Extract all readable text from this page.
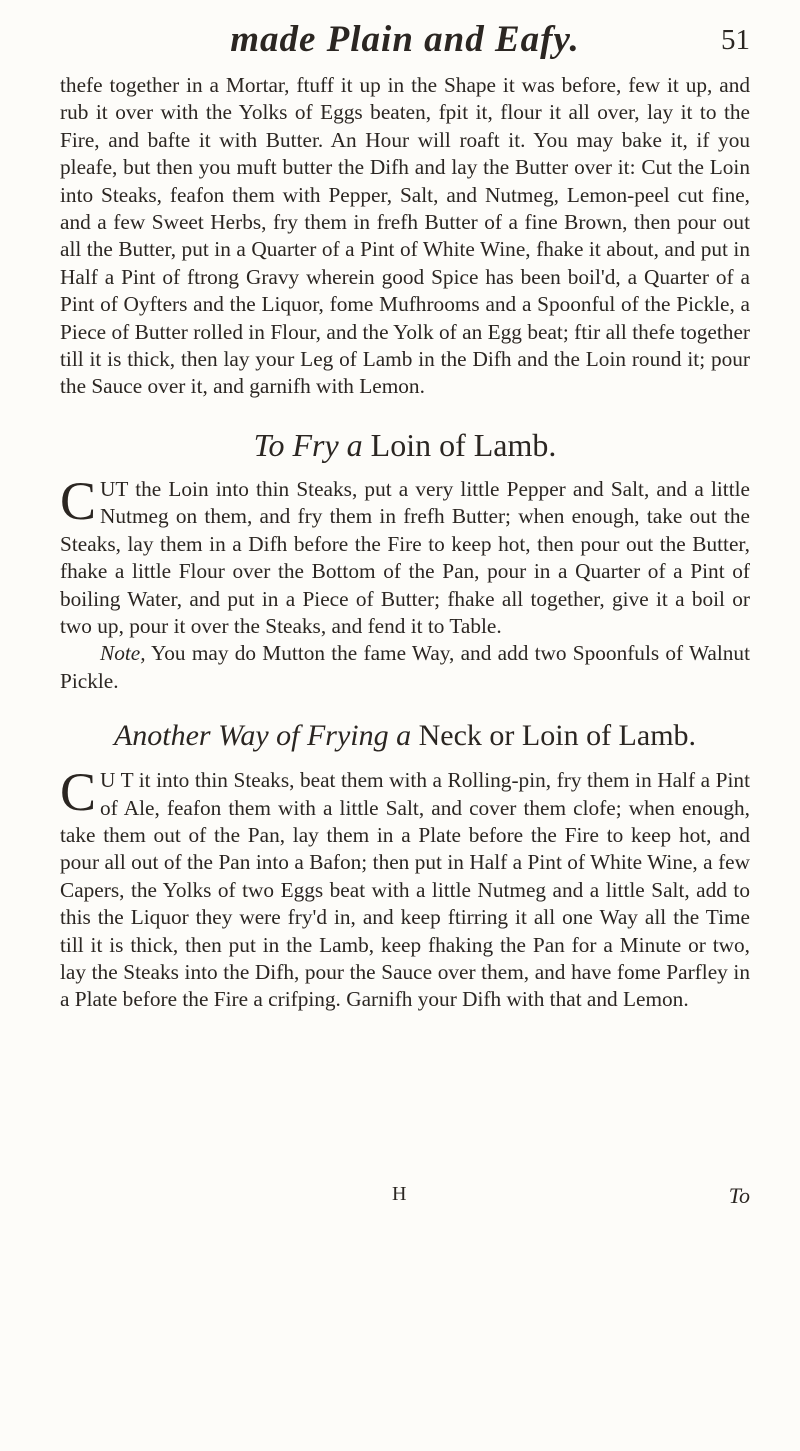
made Plain and Eafy.	51

thefe together in a Mortar, ftuff it up in the Shape it was before, few it up, and rub it over with the Yolks of Eggs beaten, fpit it, flour it all over, lay it to the Fire, and bafte it with Butter. An Hour will roaft it. You may bake it, if you pleafe, but then you muft butter the Difh and lay the Butter over it: Cut the Loin into Steaks, feafon them with Pepper, Salt, and Nutmeg, Lemon-peel cut fine, and a few Sweet Herbs, fry them in frefh Butter of a fine Brown, then pour out all the Butter, put in a Quarter of a Pint of White Wine, fhake it about, and put in Half a Pint of ftrong Gravy wherein good Spice has been boil'd, a Quarter of a Pint of Oyfters and the Liquor, fome Mufhrooms and a Spoonful of the Pickle, a Piece of Butter rolled in Flour, and the Yolk of an Egg beat; ftir all thefe together till it is thick, then lay your Leg of Lamb in the Difh and the Loin round it; pour the Sauce over it, and garnifh with Lemon.

To Fry a Loin of Lamb.

CUT the Loin into thin Steaks, put a very little Pepper and Salt, and a little Nutmeg on them, and fry them in frefh Butter; when enough, take out the Steaks, lay them in a Difh before the Fire to keep hot, then pour out the Butter, fhake a little Flour over the Bottom of the Pan, pour in a Quarter of a Pint of boiling Water, and put in a Piece of Butter; fhake all together, give it a boil or two up, pour it over the Steaks, and fend it to Table.

Note, You may do Mutton the fame Way, and add two Spoonfuls of Walnut Pickle.

Another Way of Frying a Neck or Loin of Lamb.

C U T it into thin Steaks, beat them with a Rolling-pin, fry them in Half a Pint of Ale, feafon them with a little Salt, and cover them clofe; when enough, take them out of the Pan, lay them in a Plate before the Fire to keep hot, and pour all out of the Pan into a Bafon; then put in Half a Pint of White Wine, a few Capers, the Yolks of two Eggs beat with a little Nutmeg and a little Salt, add to this the Liquor they were fry'd in, and keep ftirring it all one Way all the Time till it is thick, then put in the Lamb, keep fhaking the Pan for a Minute or two, lay the Steaks into the Difh, pour the Sauce over them, and have fome Parfley in a Plate before the Fire a crifping. Garnifh your Difh with that and Lemon.

H	To
